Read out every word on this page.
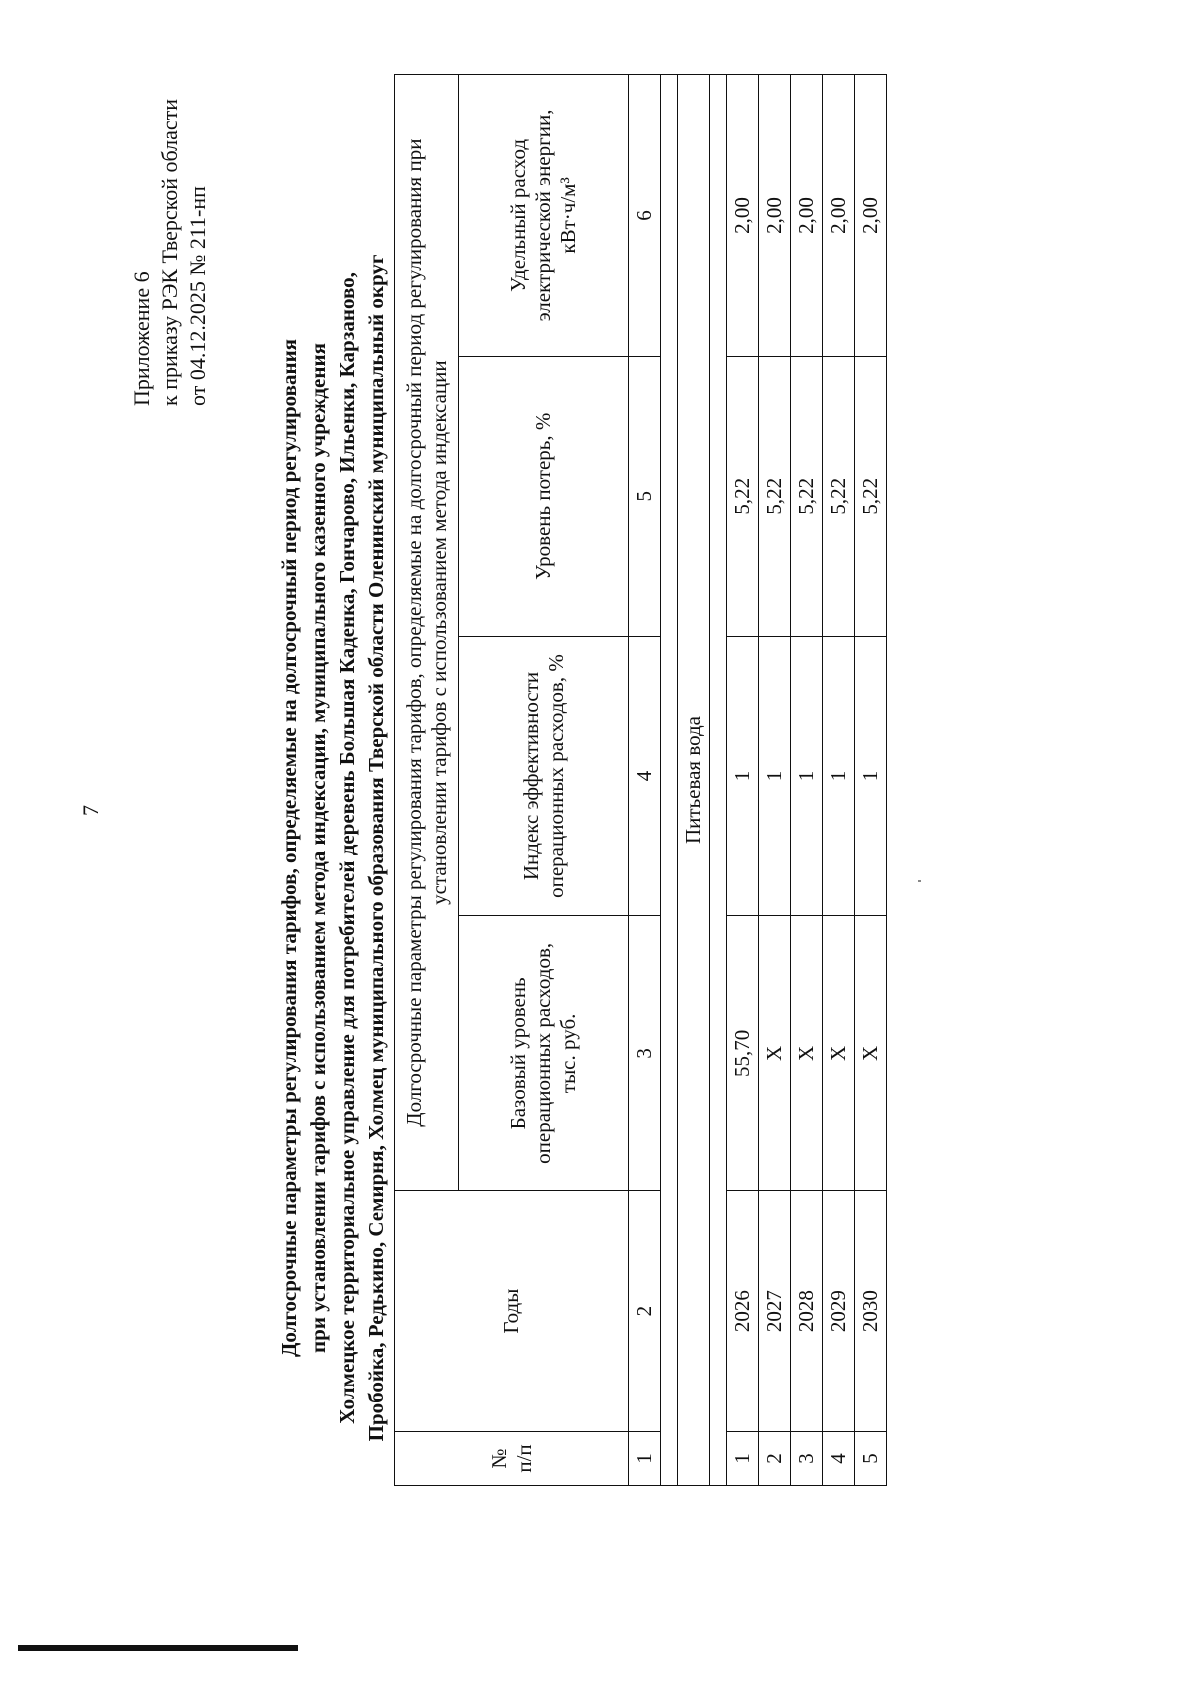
7
Приложение 6 к приказу РЭК Тверской области от 04.12.2025 № 211-нп
Долгосрочные параметры регулирования тарифов, определяемые на долгосрочный период регулирования при установлении тарифов с использованием метода индексации, муниципального казенного учреждения Холмецкое территориальное управление для потребителей деревень Большая Каденка, Гончарово, Ильенки, Карзаново, Пробойка, Редькино, Семирня, Холмец муниципального образования Тверской области Оленинский муниципальный округ
№ п/п	Годы	Долгосрочные параметры регулирования тарифов, определяемые на долгосрочный период регулирования при установлении тарифов с использованием метода индексации			
		Базовый уровень операционных расходов, тыс. руб.	Индекс эффективности операционных расходов, %	Уровень потерь, %	Удельный расход электрической энергии, кВт·ч/м³
1	2	3	4	5	6

Питьевая вода					

1	2026	55,70	1	5,22	2,00
2	2027	Х	1	5,22	2,00
3	2028	Х	1	5,22	2,00
4	2029	Х	1	5,22	2,00
5	2030	Х	1	5,22	2,00
